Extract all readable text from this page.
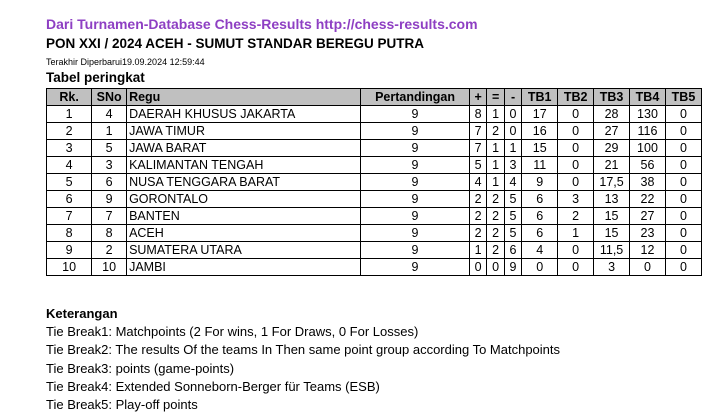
Dari Turnamen-Database Chess-Results http://chess-results.com
PON XXI / 2024 ACEH - SUMUT STANDAR BEREGU PUTRA
Terakhir Diperbarui19.09.2024 12:59:44
Tabel peringkat
Rk.	SNo	Regu	Pertandingan	+	=	-	TB1	TB2	TB3	TB4	TB5
1	4	DAERAH KHUSUS JAKARTA	9	8	1	0	17	0	28	130	0
2	1	JAWA TIMUR	9	7	2	0	16	0	27	116	0
3	5	JAWA BARAT	9	7	1	1	15	0	29	100	0
4	3	KALIMANTAN TENGAH	9	5	1	3	11	0	21	56	0
5	6	NUSA TENGGARA BARAT	9	4	1	4	9	0	17,5	38	0
6	9	GORONTALO	9	2	2	5	6	3	13	22	0
7	7	BANTEN	9	2	2	5	6	2	15	27	0
8	8	ACEH	9	2	2	5	6	1	15	23	0
9	2	SUMATERA UTARA	9	1	2	6	4	0	11,5	12	0
10	10	JAMBI	9	0	0	9	0	0	3	0	0
Keterangan
Tie Break1: Matchpoints (2 For wins, 1 For Draws, 0 For Losses)
Tie Break2: The results Of the teams In Then same point group according To Matchpoints
Tie Break3: points (game-points)
Tie Break4: Extended Sonneborn-Berger für Teams (ESB)
Tie Break5: Play-off points
